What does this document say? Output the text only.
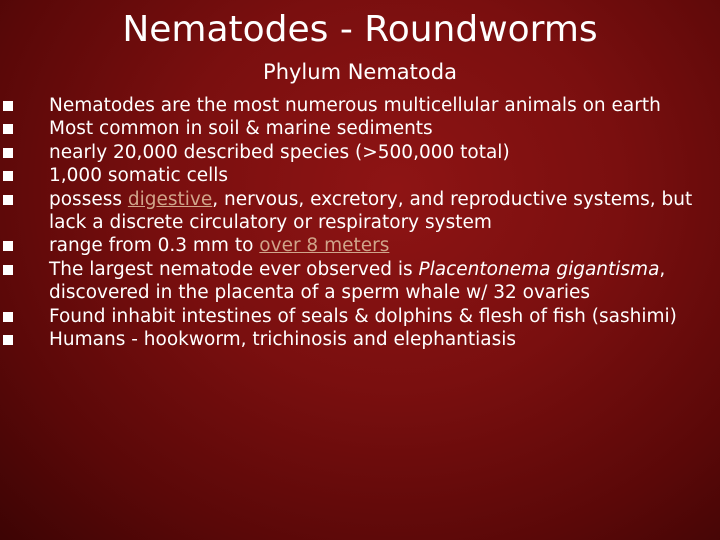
Nematodes - Roundworms
Phylum Nematoda
Nematodes are the most numerous multicellular animals on earth
Most common in soil & marine sediments
nearly 20,000 described species (>500,000 total)
1,000 somatic cells
possess digestive, nervous, excretory, and reproductive systems, but lack a discrete circulatory or respiratory system
range from 0.3 mm to over 8 meters
The largest nematode ever observed is Placentonema gigantisma, discovered in the placenta of a sperm whale w/ 32 ovaries
Found inhabit intestines of seals & dolphins & flesh of fish (sashimi)
Humans - hookworm, trichinosis and elephantiasis
